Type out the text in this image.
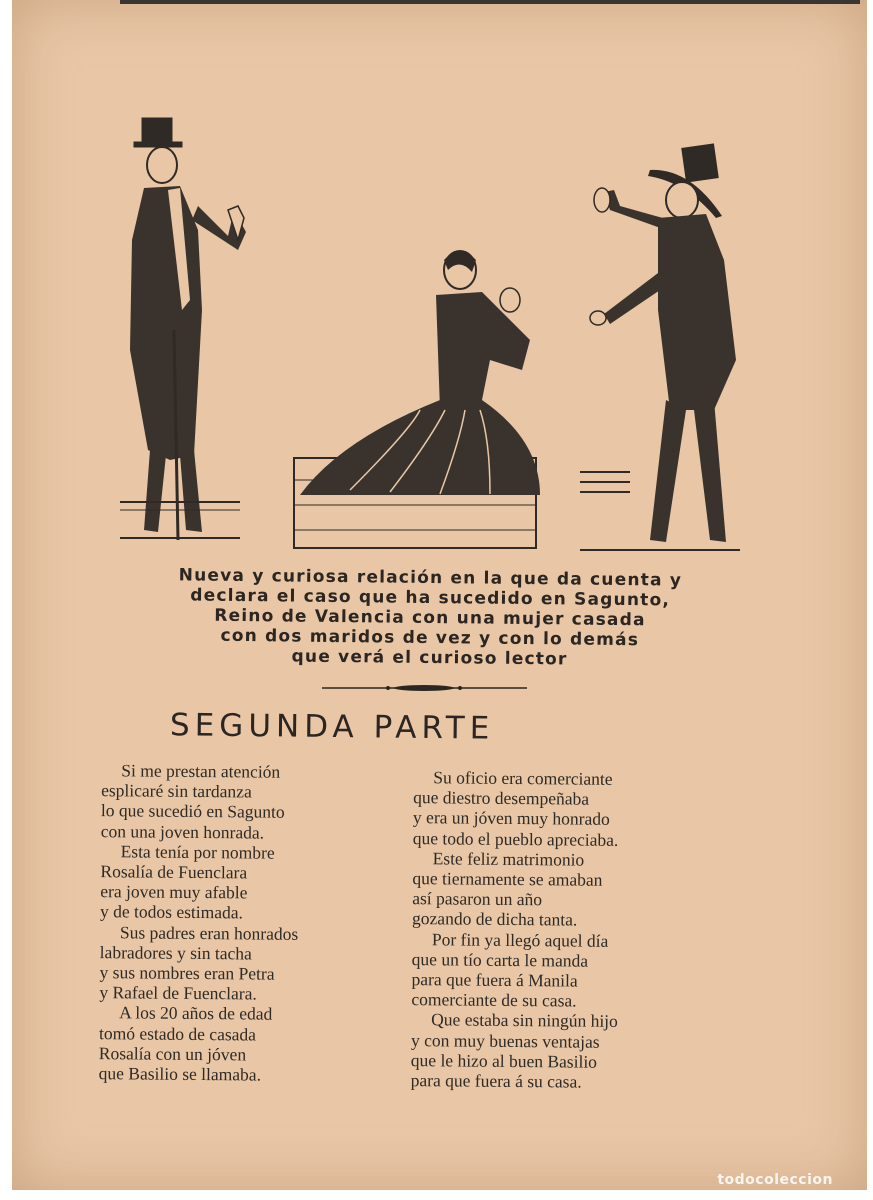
Nueva y curiosa relación en la que da cuenta y
declara el caso que ha sucedido en Sagunto,
Reino de Valencia con una mujer casada
con dos maridos de vez y con lo demás
que verá el curioso lector
SEGUNDA PARTE
Si me prestan atención
esplicaré sin tardanza
lo que sucedió en Sagunto
con una joven honrada.
Esta tenía por nombre
Rosalía de Fuenclara
era joven muy afable
y de todos estimada.
Sus padres eran honrados
labradores y sin tacha
y sus nombres eran Petra
y Rafael de Fuenclara.
A los 20 años de edad
tomó estado de casada
Rosalía con un jóven
que Basilio se llamaba.
Su oficio era comerciante
que diestro desempeñaba
y era un jóven muy honrado
que todo el pueblo apreciaba.
Este feliz matrimonio
que tiernamente se amaban
así pasaron un año
gozando de dicha tanta.
Por fin ya llegó aquel día
que un tío carta le manda
para que fuera á Manila
comerciante de su casa.
Que estaba sin ningún hijo
y con muy buenas ventajas
que le hizo al buen Basilio
para que fuera á su casa.
todocoleccion
